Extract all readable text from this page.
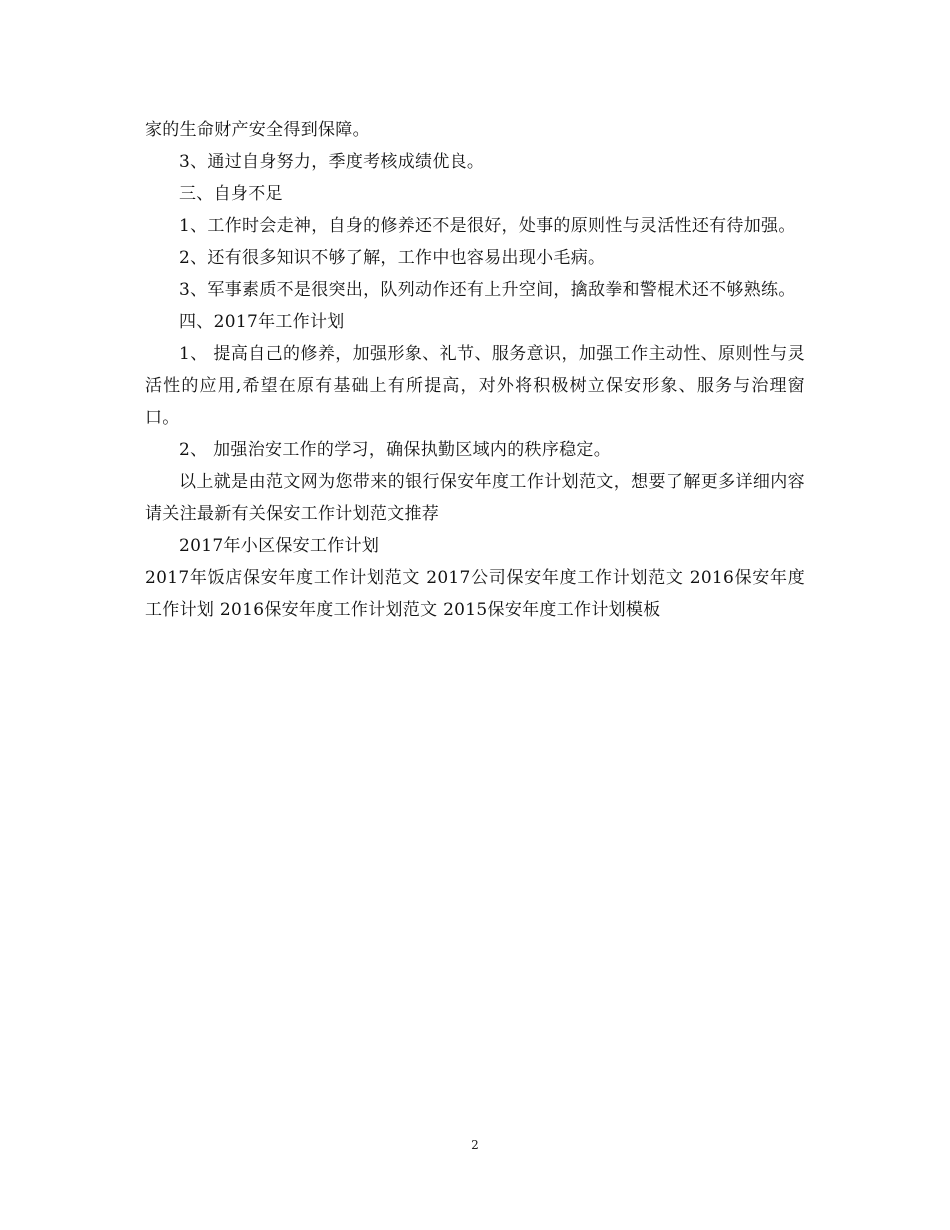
家的生命财产安全得到保障。

3、通过自身努力，季度考核成绩优良。

三、自身不足

1、工作时会走神，自身的修养还不是很好，处事的原则性与灵活性还有待加强。

2、还有很多知识不够了解，工作中也容易出现小毛病。

3、军事素质不是很突出，队列动作还有上升空间，擒敌拳和警棍术还不够熟练。

四、2017年工作计划

1、 提高自己的修养，加强形象、礼节、服务意识，加强工作主动性、原则性与灵活性的应用,希望在原有基础上有所提高，对外将积极树立保安形象、服务与治理窗口。

2、 加强治安工作的学习，确保执勤区域内的秩序稳定。

以上就是由范文网为您带来的银行保安年度工作计划范文，想要了解更多详细内容请关注最新有关保安工作计划范文推荐

2017年小区保安工作计划

2017年饭店保安年度工作计划范文 2017公司保安年度工作计划范文 2016保安年度工作计划 2016保安年度工作计划范文 2015保安年度工作计划模板

2
